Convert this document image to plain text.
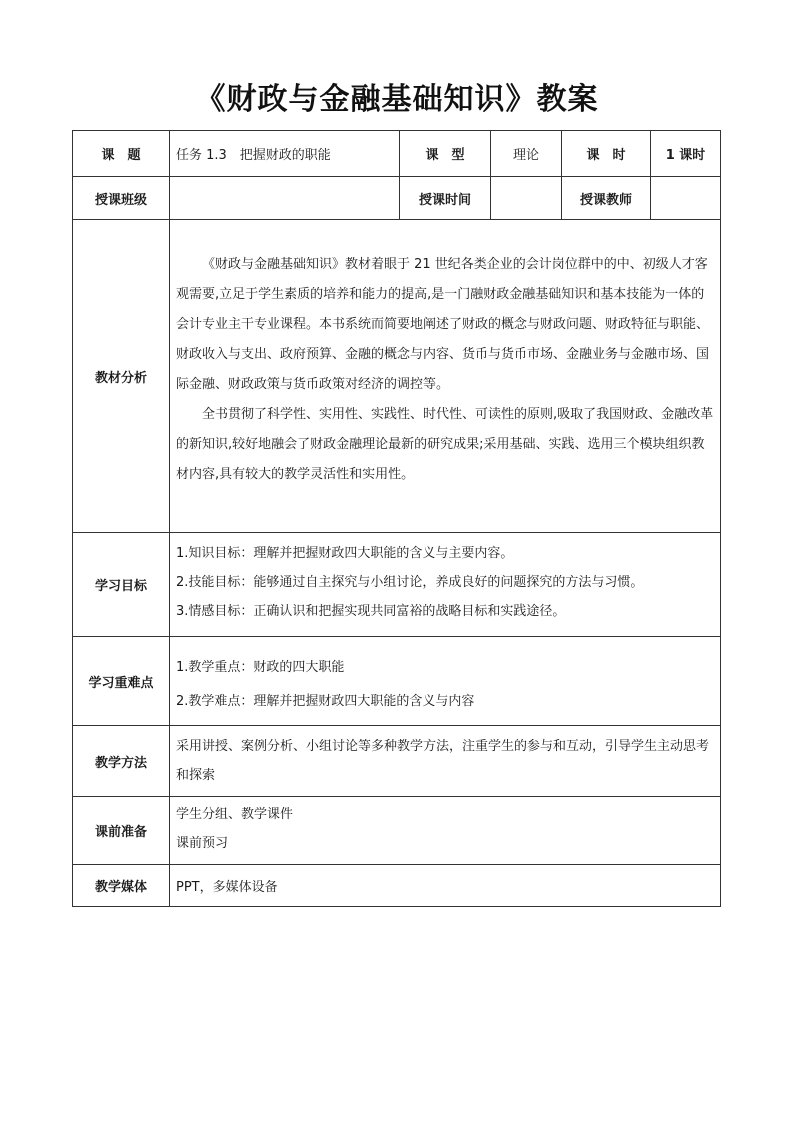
《财政与金融基础知识》教案
课　题	任务 1.3　把握财政的职能	课　型	理论	课　时	1 课时
授课班级		授课时间		授课教师	
教材分析	《财政与金融基础知识》教材着眼于 21 世纪各类企业的会计岗位群中的中、初级人才客观需要,立足于学生素质的培养和能力的提高,是一门融财政金融基础知识和基本技能为一体的会计专业主干专业课程。本书系统而简要地阐述了财政的概念与财政问题、财政特征与职能、财政收入与支出、政府预算、金融的概念与内容、货币与货币市场、金融业务与金融市场、国际金融、财政政策与货币政策对经济的调控等。

全书贯彻了科学性、实用性、实践性、时代性、可读性的原则,吸取了我国财政、金融改革的新知识,较好地融会了财政金融理论最新的研究成果;采用基础、实践、选用三个模块组织教材内容,具有较大的教学灵活性和实用性。				

学习目标	1.知识目标：理解并把握财政四大职能的含义与主要内容。

2.技能目标：能够通过自主探究与小组讨论，养成良好的问题探究的方法与习惯。

3.情感目标：正确认识和把握实现共同富裕的战略目标和实践途径。				

学习重难点	1.教学重点：财政的四大职能

2.教学难点：理解并把握财政四大职能的含义与内容				

教学方法	采用讲授、案例分析、小组讨论等多种教学方法，注重学生的参与和互动，引导学生主动思考和探索				

课前准备	学生分组、教学课件

课前预习				

教学媒体	PPT，多媒体设备				
